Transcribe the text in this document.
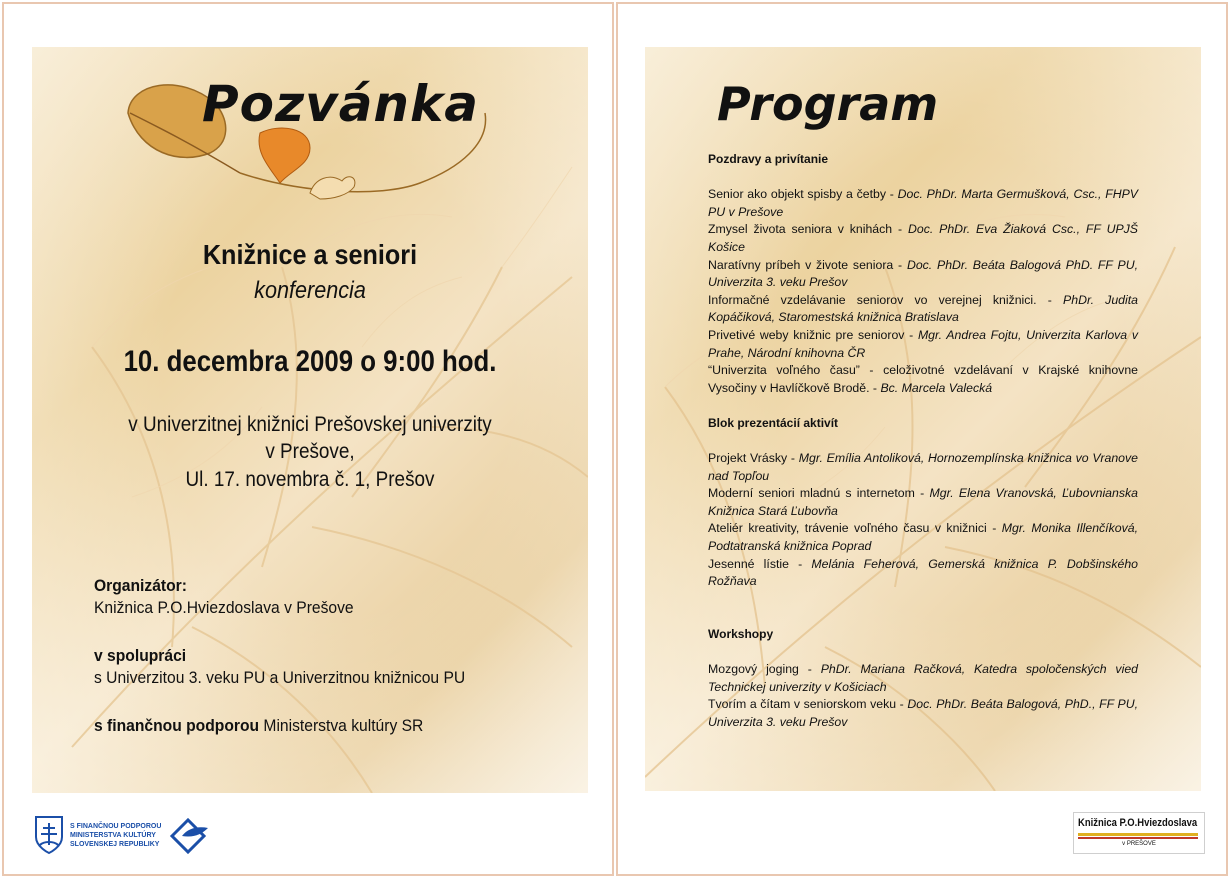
Pozvánka
Knižnice a seniori
konferencia
10. decembra 2009 o 9:00 hod.
v Univerzitnej knižnici Prešovskej univerzity
v Prešove,
Ul. 17. novembra č. 1, Prešov
Organizátor:
Knižnica P.O.Hviezdoslava v Prešove
v spolupráci
s Univerzitou 3. veku PU a Univerzitnou knižnicou PU
s finančnou podporou Ministerstva kultúry SR
S FINANČNOU PODPOROU
MINISTERSTVA KULTÚRY
SLOVENSKEJ REPUBLIKY
Program
Pozdravy a privítanie
Senior ako objekt spisby a četby - Doc. PhDr. Marta Germušková, Csc., FHPV PU v Prešove
Zmysel života seniora v knihách - Doc. PhDr. Eva Žiaková Csc., FF UPJŠ Košice
Naratívny príbeh v živote seniora - Doc. PhDr. Beáta Balogová PhD. FF PU, Univerzita 3. veku Prešov
Informačné vzdelávanie seniorov vo verejnej knižnici. - PhDr. Judita Kopáčiková, Staromestská knižnica Bratislava
Privetivé weby knižnic pre seniorov - Mgr. Andrea Fojtu, Univerzita Karlova v Prahe, Národní knihovna ČR
“Univerzita voľného času” - celoživotné vzdelávaní v Krajské knihovne Vysočiny v Havlíčkově Brodě. - Bc. Marcela Valecká
Blok prezentácií aktivít
Projekt Vrásky - Mgr. Emília Antoliková, Hornozemplínska knižnica vo Vranove nad Topľou
Moderní seniori mladnú s internetom - Mgr. Elena Vranovská, Ľubovnianska Knižnica Stará Ľubovňa
Ateliér kreativity, trávenie voľného času v knižnici - Mgr. Monika Illenčíková, Podtatranská knižnica Poprad
Jesenné lístie - Melánia Feherová, Gemerská knižnica P. Dobšinského Rožňava
Workshopy
Mozgový joging - PhDr. Mariana Račková, Katedra spoločenských vied Technickej univerzity v Košiciach
Tvorím a čítam v seniorskom veku - Doc. PhDr. Beáta Balogová, PhD., FF PU, Univerzita 3. veku Prešov
Knižnica P.O.Hviezdoslava
v PREŠOVE
